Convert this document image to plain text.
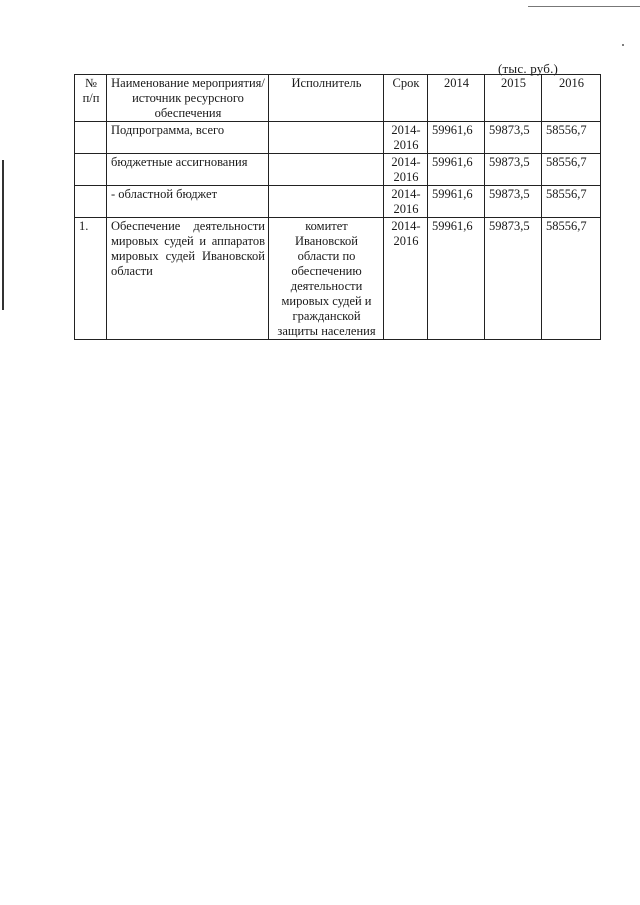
(тыс. руб.)
№ п/п	Наименование мероприятия/ источник ресурсного обеспечения	Исполнитель	Срок	2014	2015	2016
	Подпрограмма, всего		2014-2016	59961,6	59873,5	58556,7
	бюджетные ассигнования		2014-2016	59961,6	59873,5	58556,7
	- областной бюджет		2014-2016	59961,6	59873,5	58556,7
1.	Обеспечение деятельности мировых судей и аппаратов мировых судей Ивановской области	комитет Ивановской области по обеспечению деятельности мировых судей и гражданской защиты населения	2014-2016	59961,6	59873,5	58556,7
